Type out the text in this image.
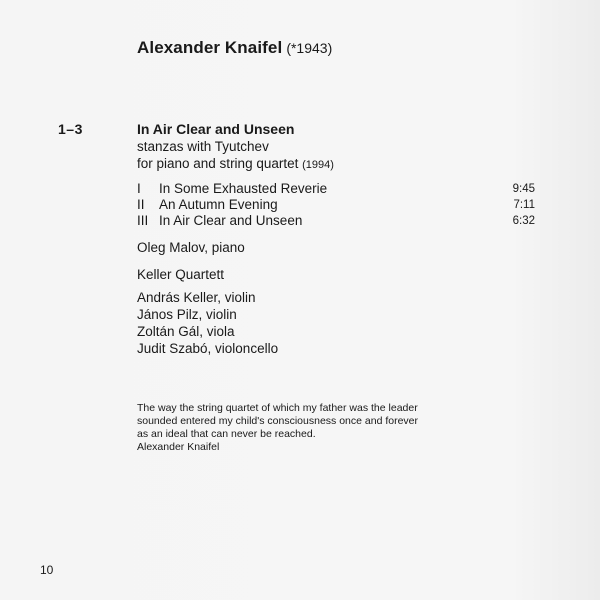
Alexander Knaifel (*1943)
1–3	In Air Clear and Unseen
stanzas with Tyutchev
for piano and string quartet (1994)
I In Some Exhausted Reverie	9:45
II An Autumn Evening	7:11
III In Air Clear and Unseen	6:32
Oleg Malov, piano
Keller Quartett
András Keller, violin
János Pilz, violin
Zoltán Gál, viola
Judit Szabó, violoncello
The way the string quartet of which my father was the leader
sounded entered my child's consciousness once and forever
as an ideal that can never be reached.
Alexander Knaifel
10
